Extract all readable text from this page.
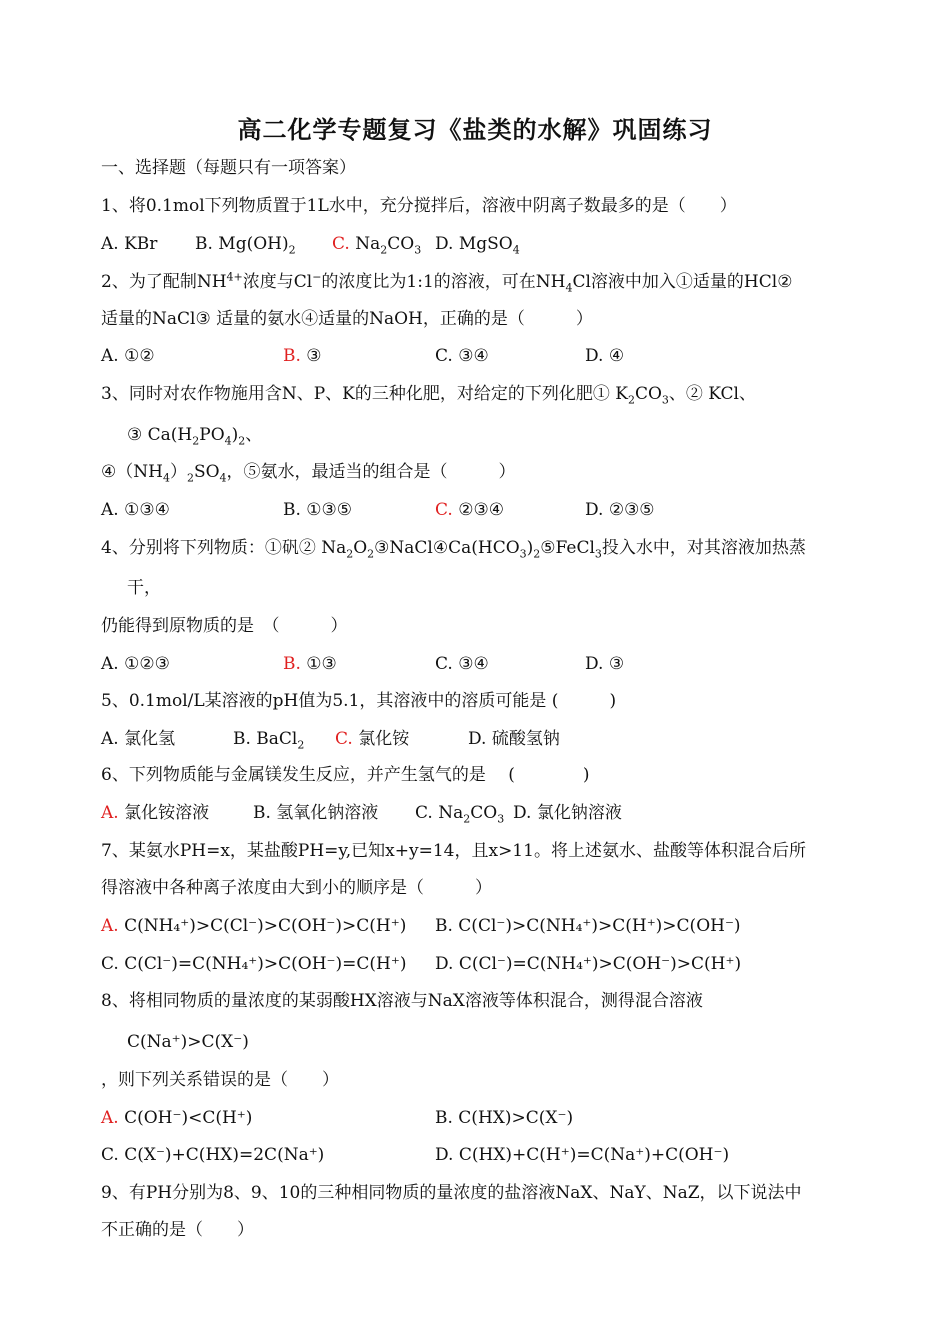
高二化学专题复习《盐类的水解》巩固练习
一、选择题（每题只有一项答案）
1、将0.1mol下列物质置于1L水中，充分搅拌后，溶液中阴离子数最多的是（　　）
A. KBr B. $Mg(OH)_2$ C. $Na_2CO_3$ D. MgSO$_4$
2、为了配制$NH^{4+}$浓度与Cl−的浓度比为1:1的溶液，可在$NH_4Cl$溶液中加入①适量的HCl②
适量的NaCl③ 适量的氨水④适量的NaOH，正确的是（　　　）
A. ①②	B. ③	C. ③④	D. ④
3、同时对农作物施用含N、P、K的三种化肥，对给定的下列化肥① $K_2CO_3$、② KCl、
③ $Ca(H_2PO_4)_2$、
$④(NH_4)_2SO_4$，⑤氨水，最适当的组合是（　　　）
A. ①③④	B. ①③⑤	C. ②③④	D. ②③⑤
4、分别将下列物质：①矾② $Na_2O_2③NaCl④Ca(HCO_3)_2⑤FeCl_3$投入水中，对其溶液加热蒸
干，
仍能得到原物质的是　（　　　）
A. ①②③	B. ①③	C. ③④	D. ③
5、0.1mol/L某溶液的pH值为5.1，其溶液中的溶质可能是 (　　　)
A. 氯化氢	B. BaCl$_2$ C. 氯化铵	D. 硫酸氢钠
6、下列物质能与金属镁发生反应，并产生氢气的是　 (　　　　)
A. 氯化铵溶液	B. 氢氧化钠溶液 C. $Na_2CO_3$ D. 氯化钠溶液
7、某氨水PH=x，某盐酸PH=y,已知x+y=14，且x>11。将上述氨水、盐酸等体积混合后所
得溶液中各种离子浓度由大到小的顺序是（　　　）
A. C(NH₄⁺)>C(Cl⁻)>C(OH⁻)>C(H⁺) B. C(Cl⁻)>C(NH₄⁺)>C(H⁺)>C(OH⁻)
C. C(Cl⁻)=C(NH₄⁺)>C(OH⁻)=C(H⁺) D. C(Cl⁻)=C(NH₄⁺)>C(OH⁻)>C(H⁺)
8、将相同物质的量浓度的某弱酸HX溶液与NaX溶液等体积混合，测得混合溶液
C(Na⁺)>C(X⁻)
，则下列关系错误的是（　　）
A. C(OH⁻)<C(H⁺)	B. C(HX)>C(X⁻)
C. C(X⁻)+C(HX)=2C(Na⁺)	D. C(HX)+C(H⁺)=C(Na⁺)+C(OH⁻)
9、有PH分别为8、9、10的三种相同物质的量浓度的盐溶液NaX、NaY、NaZ，以下说法中
不正确的是（　　）
